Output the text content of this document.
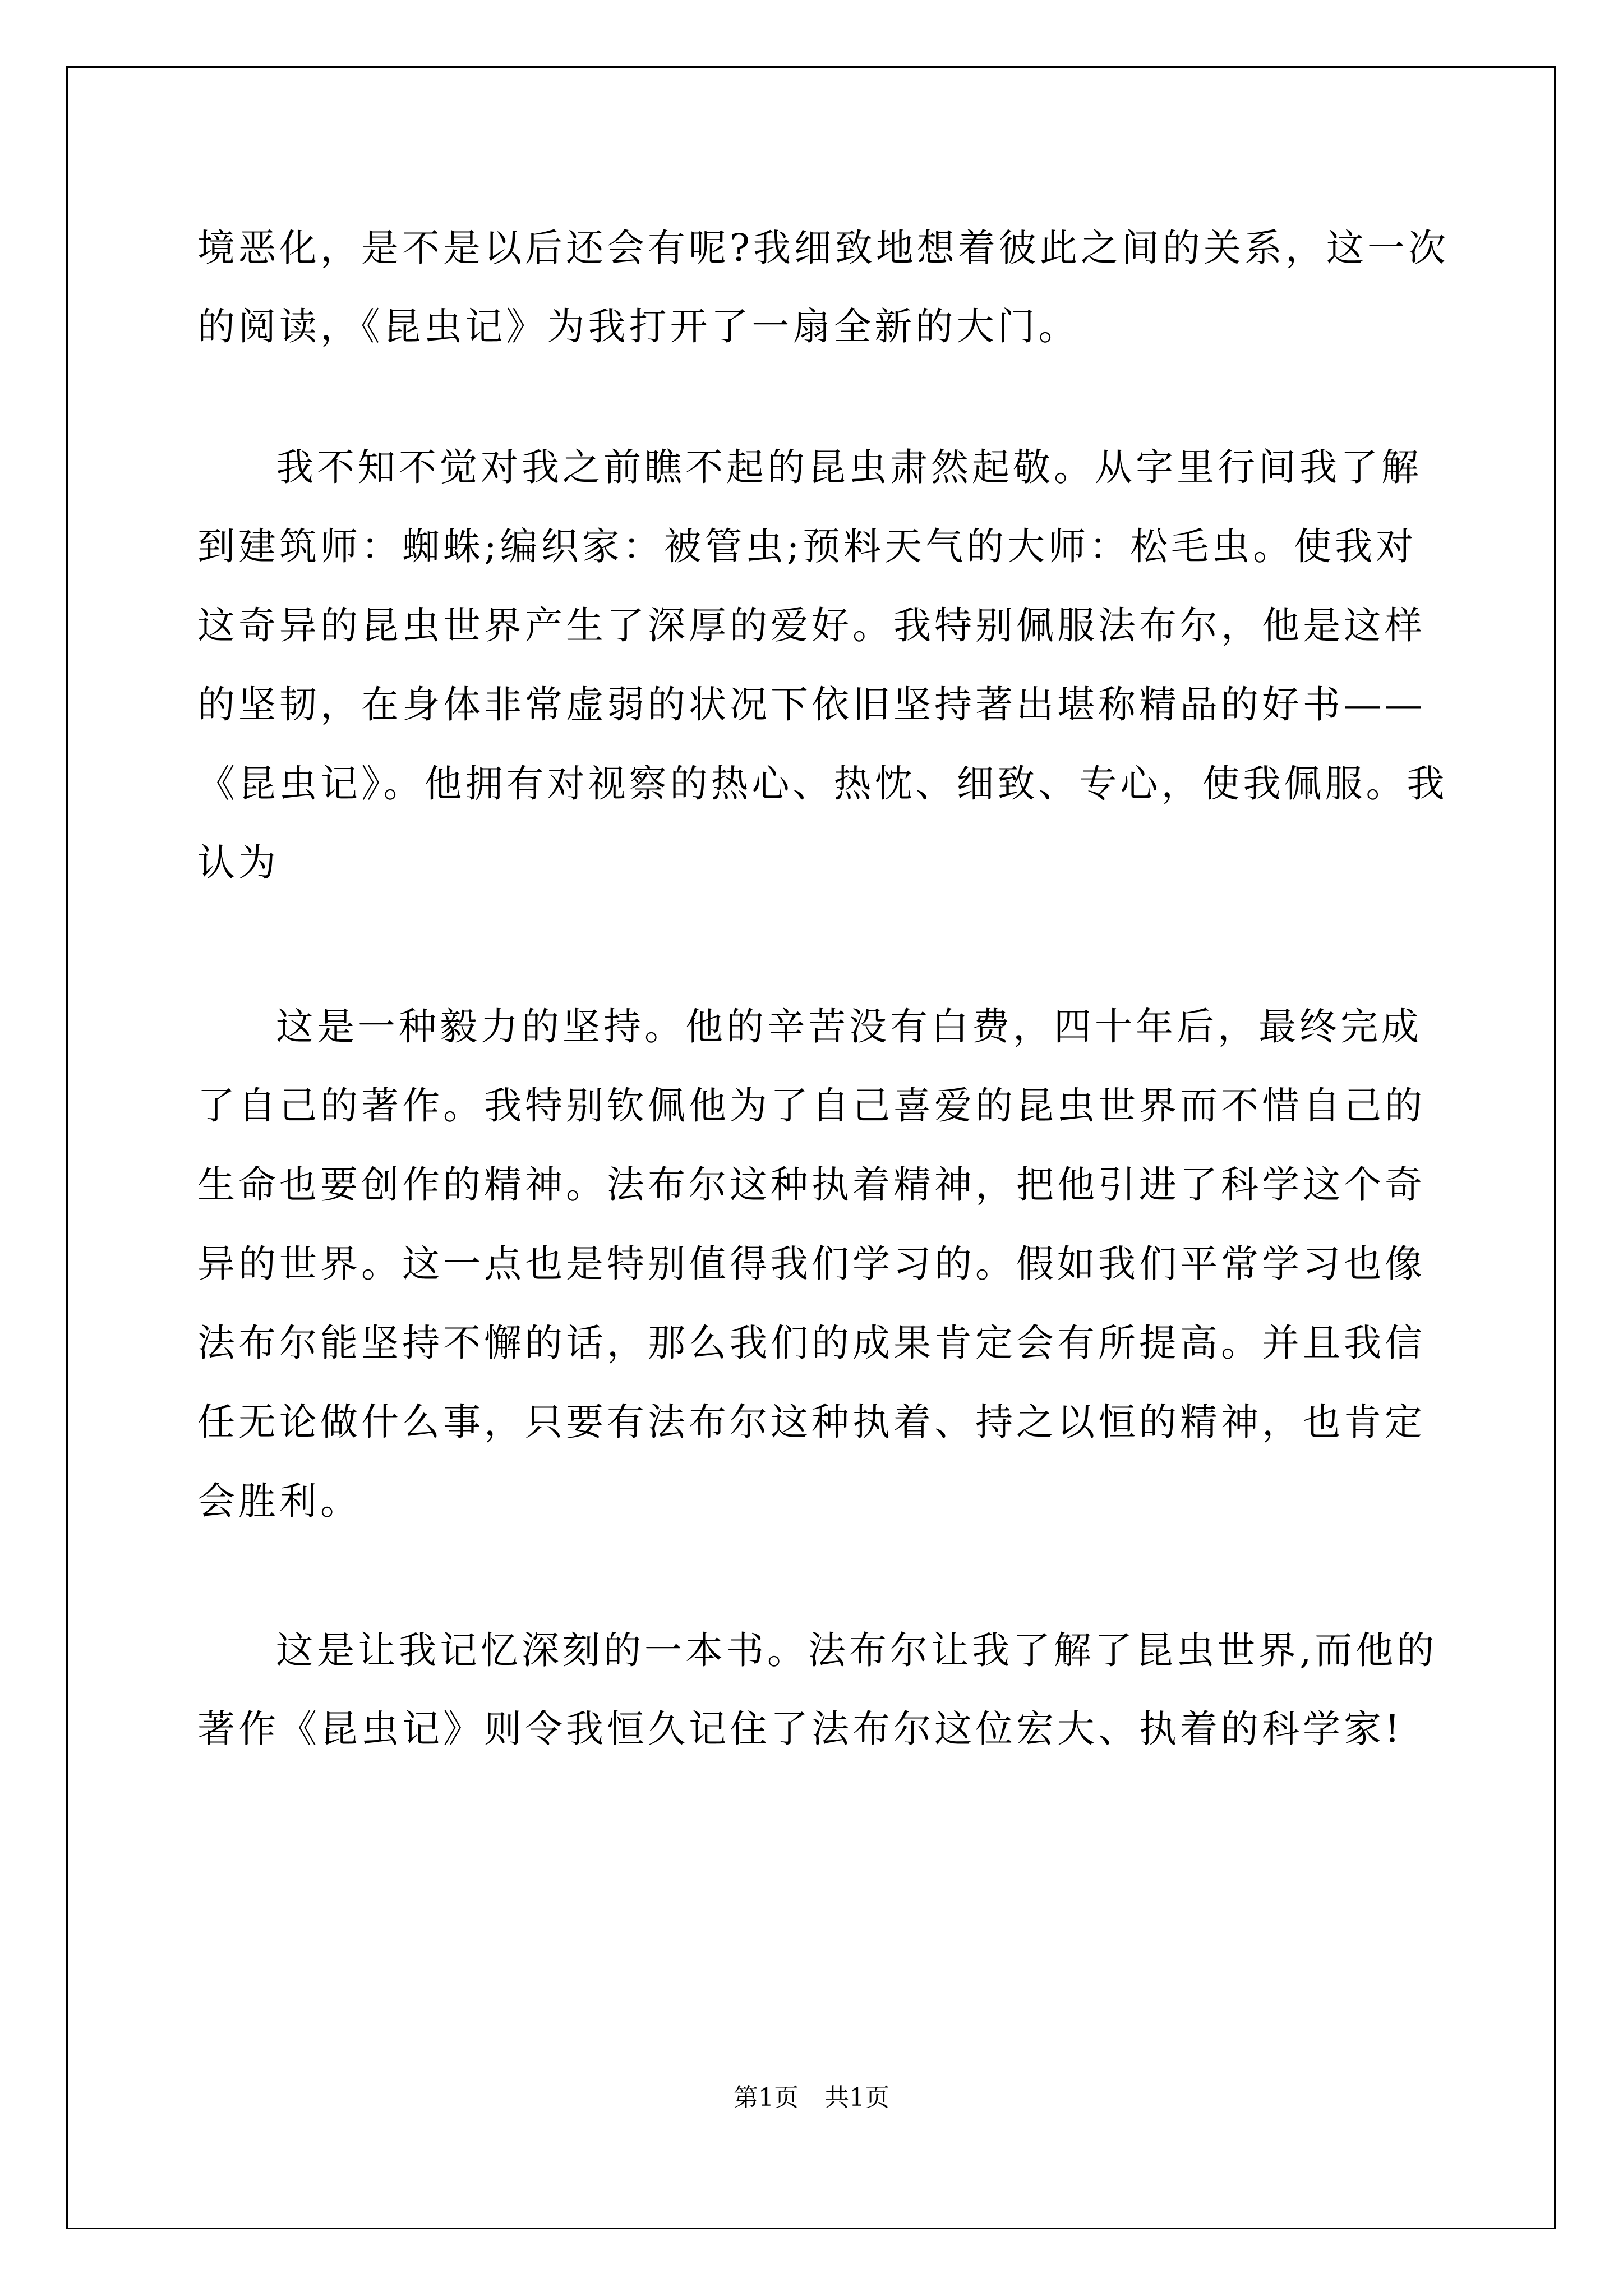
境恶化，是不是以后还会有呢?我细致地想着彼此之间的关系，这一次
的阅读，《昆虫记》为我打开了一扇全新的大门。
我不知不觉对我之前瞧不起的昆虫肃然起敬。从字里行间我了解
到建筑师：蜘蛛;编织家：被管虫;预料天气的大师：松毛虫。使我对
这奇异的昆虫世界产生了深厚的爱好。我特别佩服法布尔，他是这样
的坚韧，在身体非常虚弱的状况下依旧坚持著出堪称精品的好书——
《昆虫记》。他拥有对视察的热心、热忱、细致、专心，使我佩服。我
认为
这是一种毅力的坚持。他的辛苦没有白费，四十年后，最终完成
了自己的著作。我特别钦佩他为了自己喜爱的昆虫世界而不惜自己的
生命也要创作的精神。法布尔这种执着精神，把他引进了科学这个奇
异的世界。这一点也是特别值得我们学习的。假如我们平常学习也像
法布尔能坚持不懈的话，那么我们的成果肯定会有所提高。并且我信
任无论做什么事，只要有法布尔这种执着、持之以恒的精神，也肯定
会胜利。
这是让我记忆深刻的一本书。法布尔让我了解了昆虫世界,而他的
著作《昆虫记》则令我恒久记住了法布尔这位宏大、执着的科学家!
第1页 共1页
